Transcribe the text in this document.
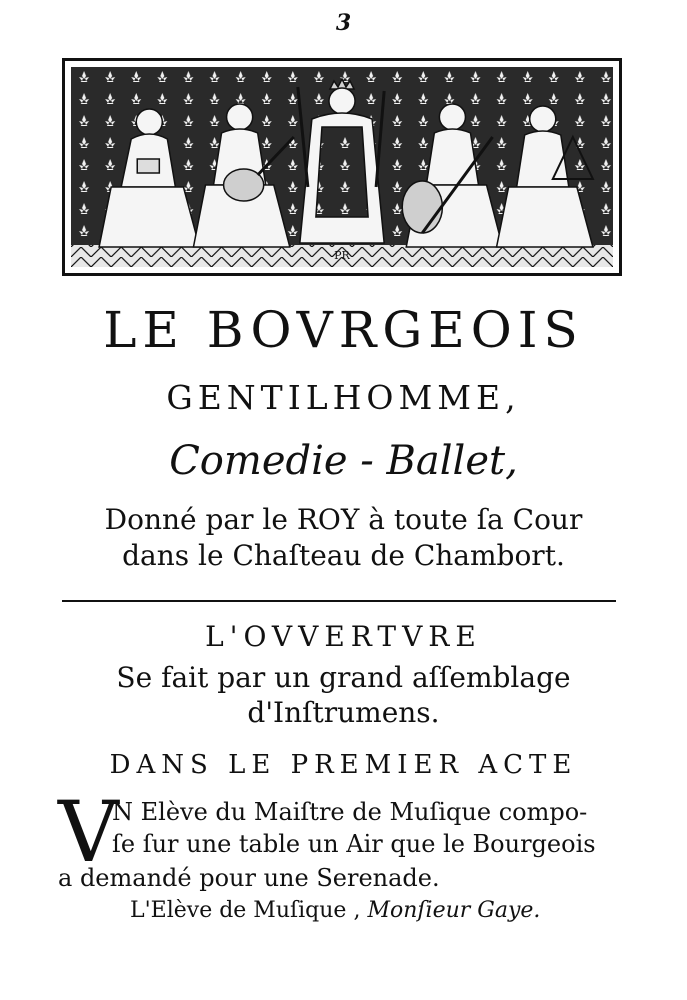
3
PR
LE BOVRGEOIS
GENTILHOMME,
Comedie - Ballet,
Donné par le ROY à toute ſa Cour
dans le Chaſteau de Chambort.
L'OVVERTVRE
Se fait par un grand aſſemblage
d'Inſtrumens.
DANS LE PREMIER ACTE
V
N Elève du Maiſtre de Muſique compo-
ſe ſur une table un Air que le Bourgeois
a demandé pour une Serenade.
L'Elève de Muſique , Monſieur Gaye.
